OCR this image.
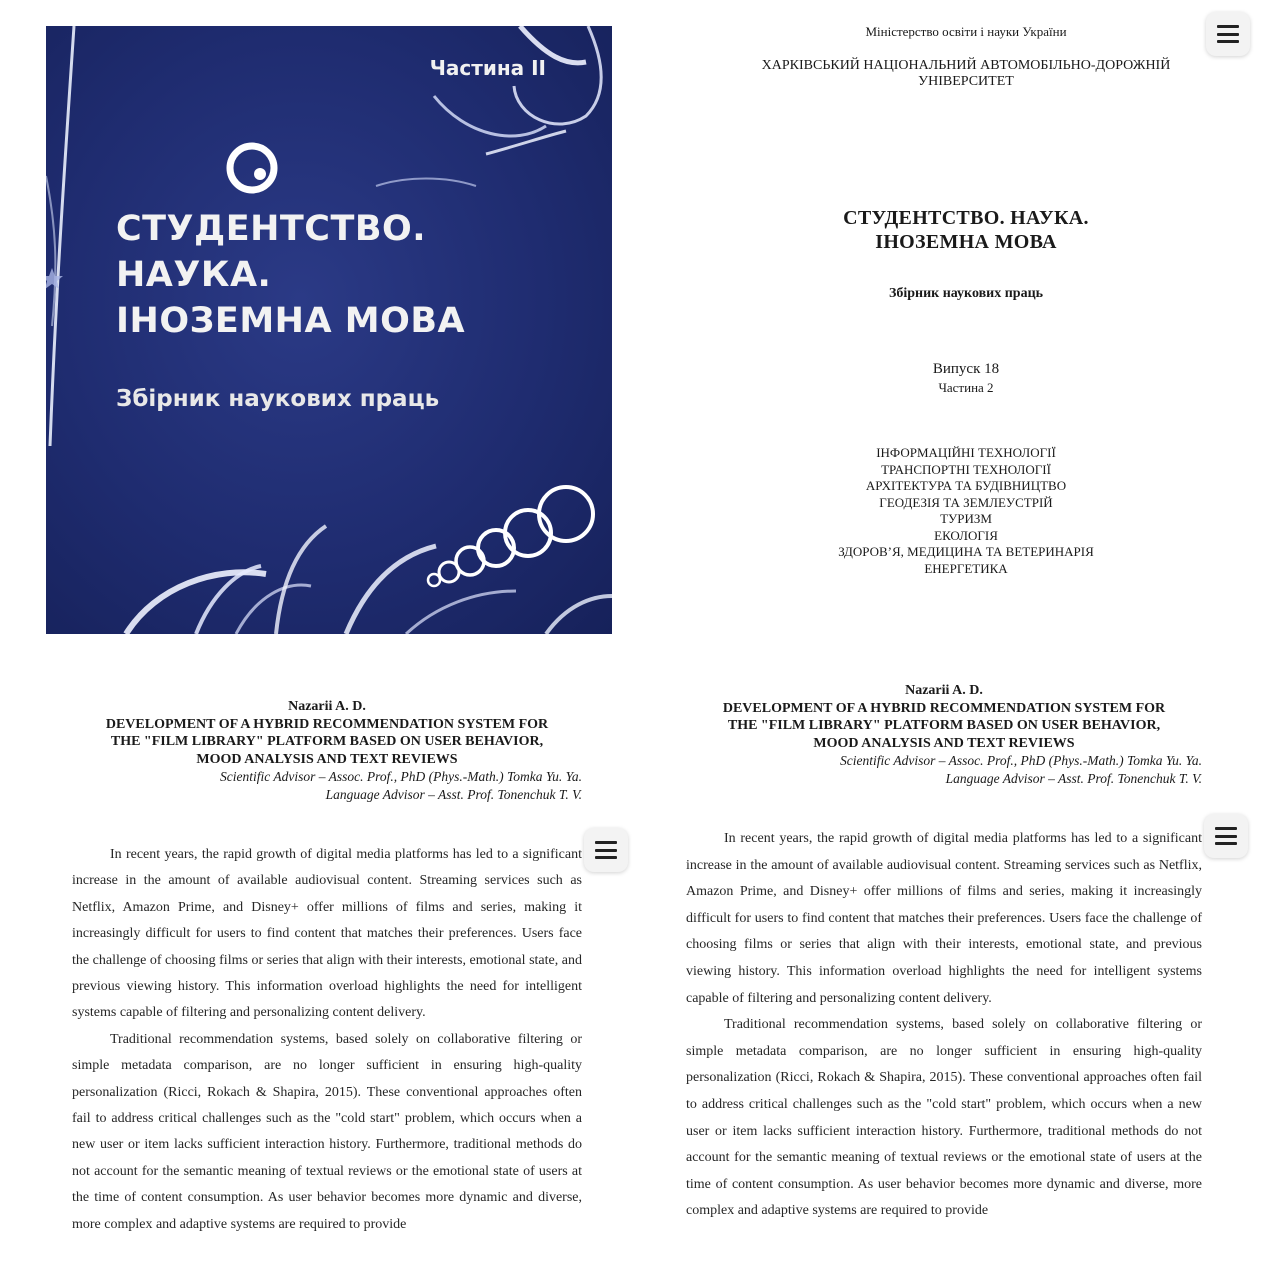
Частина II
СТУДЕНТСТВО.
НАУКА.
ІНОЗЕМНА МОВА
Збірник наукових праць
Міністерство освіти і науки України
ХАРКІВСЬКИЙ НАЦІОНАЛЬНИЙ АВТОМОБІЛЬНО-ДОРОЖНІЙ
УНІВЕРСИТЕТ
СТУДЕНТСТВО. НАУКА.
ІНОЗЕМНА МОВА
Збірник наукових праць
Випуск 18
Частина 2
ІНФОРМАЦІЙНІ ТЕХНОЛОГІЇ
ТРАНСПОРТНІ ТЕХНОЛОГІЇ
АРХІТЕКТУРА ТА БУДІВНИЦТВО
ГЕОДЕЗІЯ ТА ЗЕМЛЕУСТРІЙ
ТУРИЗМ
ЕКОЛОГІЯ
ЗДОРОВ’Я, МЕДИЦИНА ТА ВЕТЕРИНАРІЯ
ЕНЕРГЕТИКА
Nazarii A. D.
DEVELOPMENT OF A HYBRID RECOMMENDATION SYSTEM FOR
THE "FILM LIBRARY" PLATFORM BASED ON USER BEHAVIOR,
MOOD ANALYSIS AND TEXT REVIEWS
Scientific Advisor – Assoc. Prof., PhD (Phys.-Math.) Tomka Yu. Ya.
Language Advisor – Asst. Prof. Tonenchuk T. V.

In recent years, the rapid growth of digital media platforms has led to a significant increase in the amount of available audiovisual content. Streaming services such as Netflix, Amazon Prime, and Disney+ offer millions of films and series, making it increasingly difficult for users to find content that matches their preferences. Users face the challenge of choosing films or series that align with their interests, emotional state, and previous viewing history. This information overload highlights the need for intelligent systems capable of filtering and personalizing content delivery.

Traditional recommendation systems, based solely on collaborative filtering or simple metadata comparison, are no longer sufficient in ensuring high-quality personalization (Ricci, Rokach & Shapira, 2015). These conventional approaches often fail to address critical challenges such as the "cold start" problem, which occurs when a new user or item lacks sufficient interaction history. Furthermore, traditional methods do not account for the semantic meaning of textual reviews or the emotional state of users at the time of content consumption. As user behavior becomes more dynamic and diverse, more complex and adaptive systems are required to provide

Nazarii A. D.
DEVELOPMENT OF A HYBRID RECOMMENDATION SYSTEM FOR
THE "FILM LIBRARY" PLATFORM BASED ON USER BEHAVIOR,
MOOD ANALYSIS AND TEXT REVIEWS
Scientific Advisor – Assoc. Prof., PhD (Phys.-Math.) Tomka Yu. Ya.
Language Advisor – Asst. Prof. Tonenchuk T. V.

In recent years, the rapid growth of digital media platforms has led to a significant increase in the amount of available audiovisual content. Streaming services such as Netflix, Amazon Prime, and Disney+ offer millions of films and series, making it increasingly difficult for users to find content that matches their preferences. Users face the challenge of choosing films or series that align with their interests, emotional state, and previous viewing history. This information overload highlights the need for intelligent systems capable of filtering and personalizing content delivery.

Traditional recommendation systems, based solely on collaborative filtering or simple metadata comparison, are no longer sufficient in ensuring high-quality personalization (Ricci, Rokach & Shapira, 2015). These conventional approaches often fail to address critical challenges such as the "cold start" problem, which occurs when a new user or item lacks sufficient interaction history. Furthermore, traditional methods do not account for the semantic meaning of textual reviews or the emotional state of users at the time of content consumption. As user behavior becomes more dynamic and diverse, more complex and adaptive systems are required to provide
